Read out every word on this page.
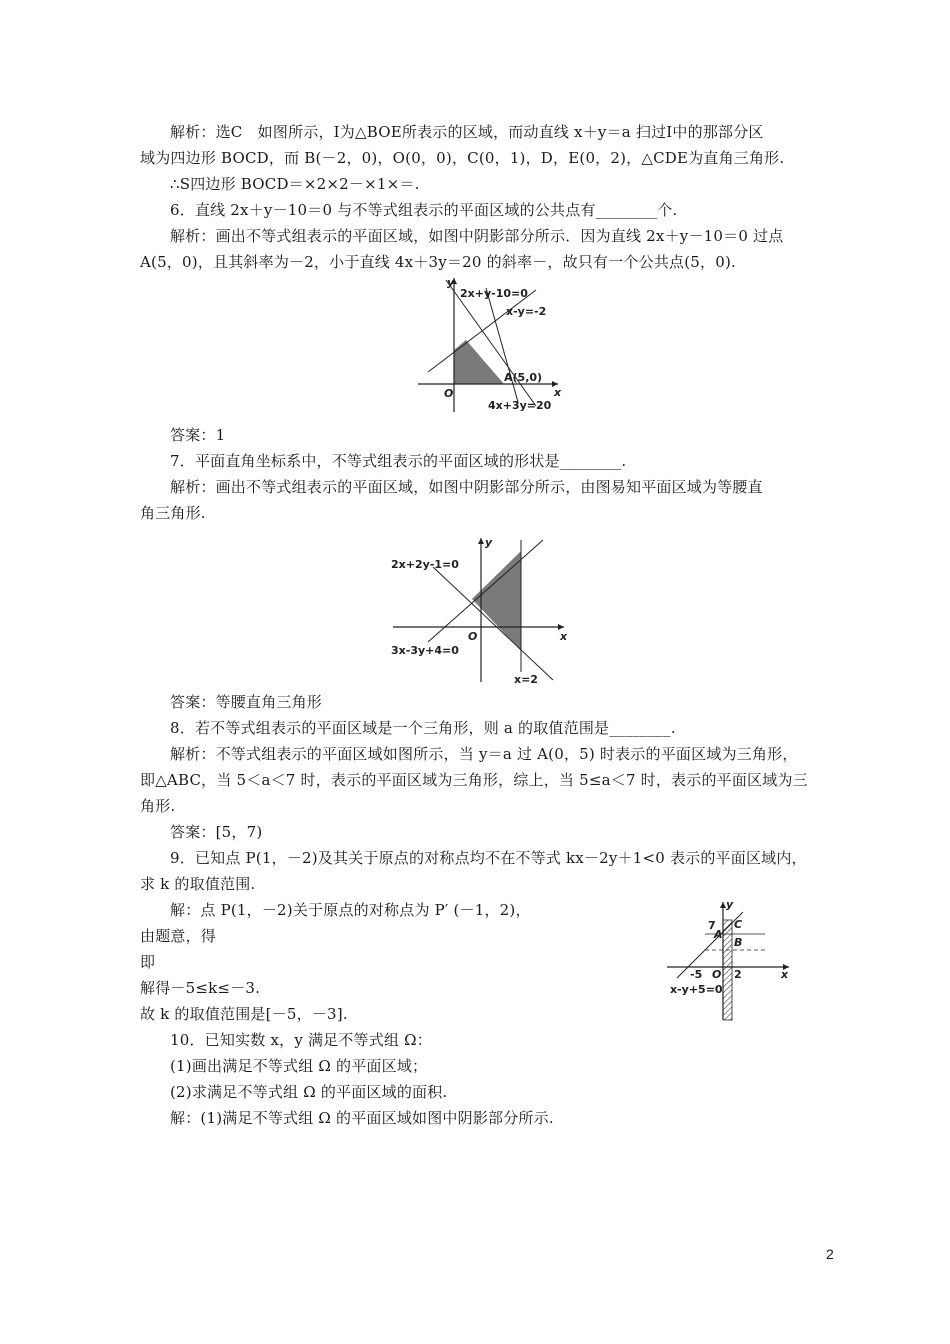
解析：选C　如图所示，Ⅰ为△BOE所表示的区域，而动直线 x＋y＝a 扫过Ⅰ中的那部分区
域为四边形 BOCD，而 B(－2，0)，O(0，0)，C(0，1)，D，E(0，2)，△CDE为直角三角形.
∴S四边形 BOCD＝×2×2－×1×＝.
6．直线 2x＋y－10＝0 与不等式组表示的平面区域的公共点有________个.
解析：画出不等式组表示的平面区域，如图中阴影部分所示．因为直线 2x＋y－10＝0 过点
A(5，0)，且其斜率为－2，小于直线 4x＋3y＝20 的斜率－，故只有一个公共点(5，0).
y
x
O
2x+y-10=0
x-y=-2
A(5,0)
4x+3y=20
答案：1
7．平面直角坐标系中，不等式组表示的平面区域的形状是________.
解析：画出不等式组表示的平面区域，如图中阴影部分所示，由图易知平面区域为等腰直
角三角形.
y
x
O
2x+2y-1=0
3x-3y+4=0
x=2
答案：等腰直角三角形
8．若不等式组表示的平面区域是一个三角形，则 a 的取值范围是________.
解析：不等式组表示的平面区域如图所示，当 y＝a 过 A(0，5) 时表示的平面区域为三角形，
即△ABC，当 5＜a＜7 时，表示的平面区域为三角形，综上，当 5≤a＜7 时，表示的平面区域为三
角形.
答案：[5，7)
9．已知点 P(1，－2)及其关于原点的对称点均不在不等式 kx－2y＋1<0 表示的平面区域内，
求 k 的取值范围.
解：点 P(1，－2)关于原点的对称点为 P′ (－1，2)，
由题意，得
即
解得－5≤k≤－3.
故 k 的取值范围是[－5，－3].
y
x
O
7
A
C
B
-5	2
x-y+5=0
10．已知实数 x，y 满足不等式组 Ω：
(1)画出满足不等式组 Ω 的平面区域；
(2)求满足不等式组 Ω 的平面区域的面积.
解：(1)满足不等式组 Ω 的平面区域如图中阴影部分所示.
2
